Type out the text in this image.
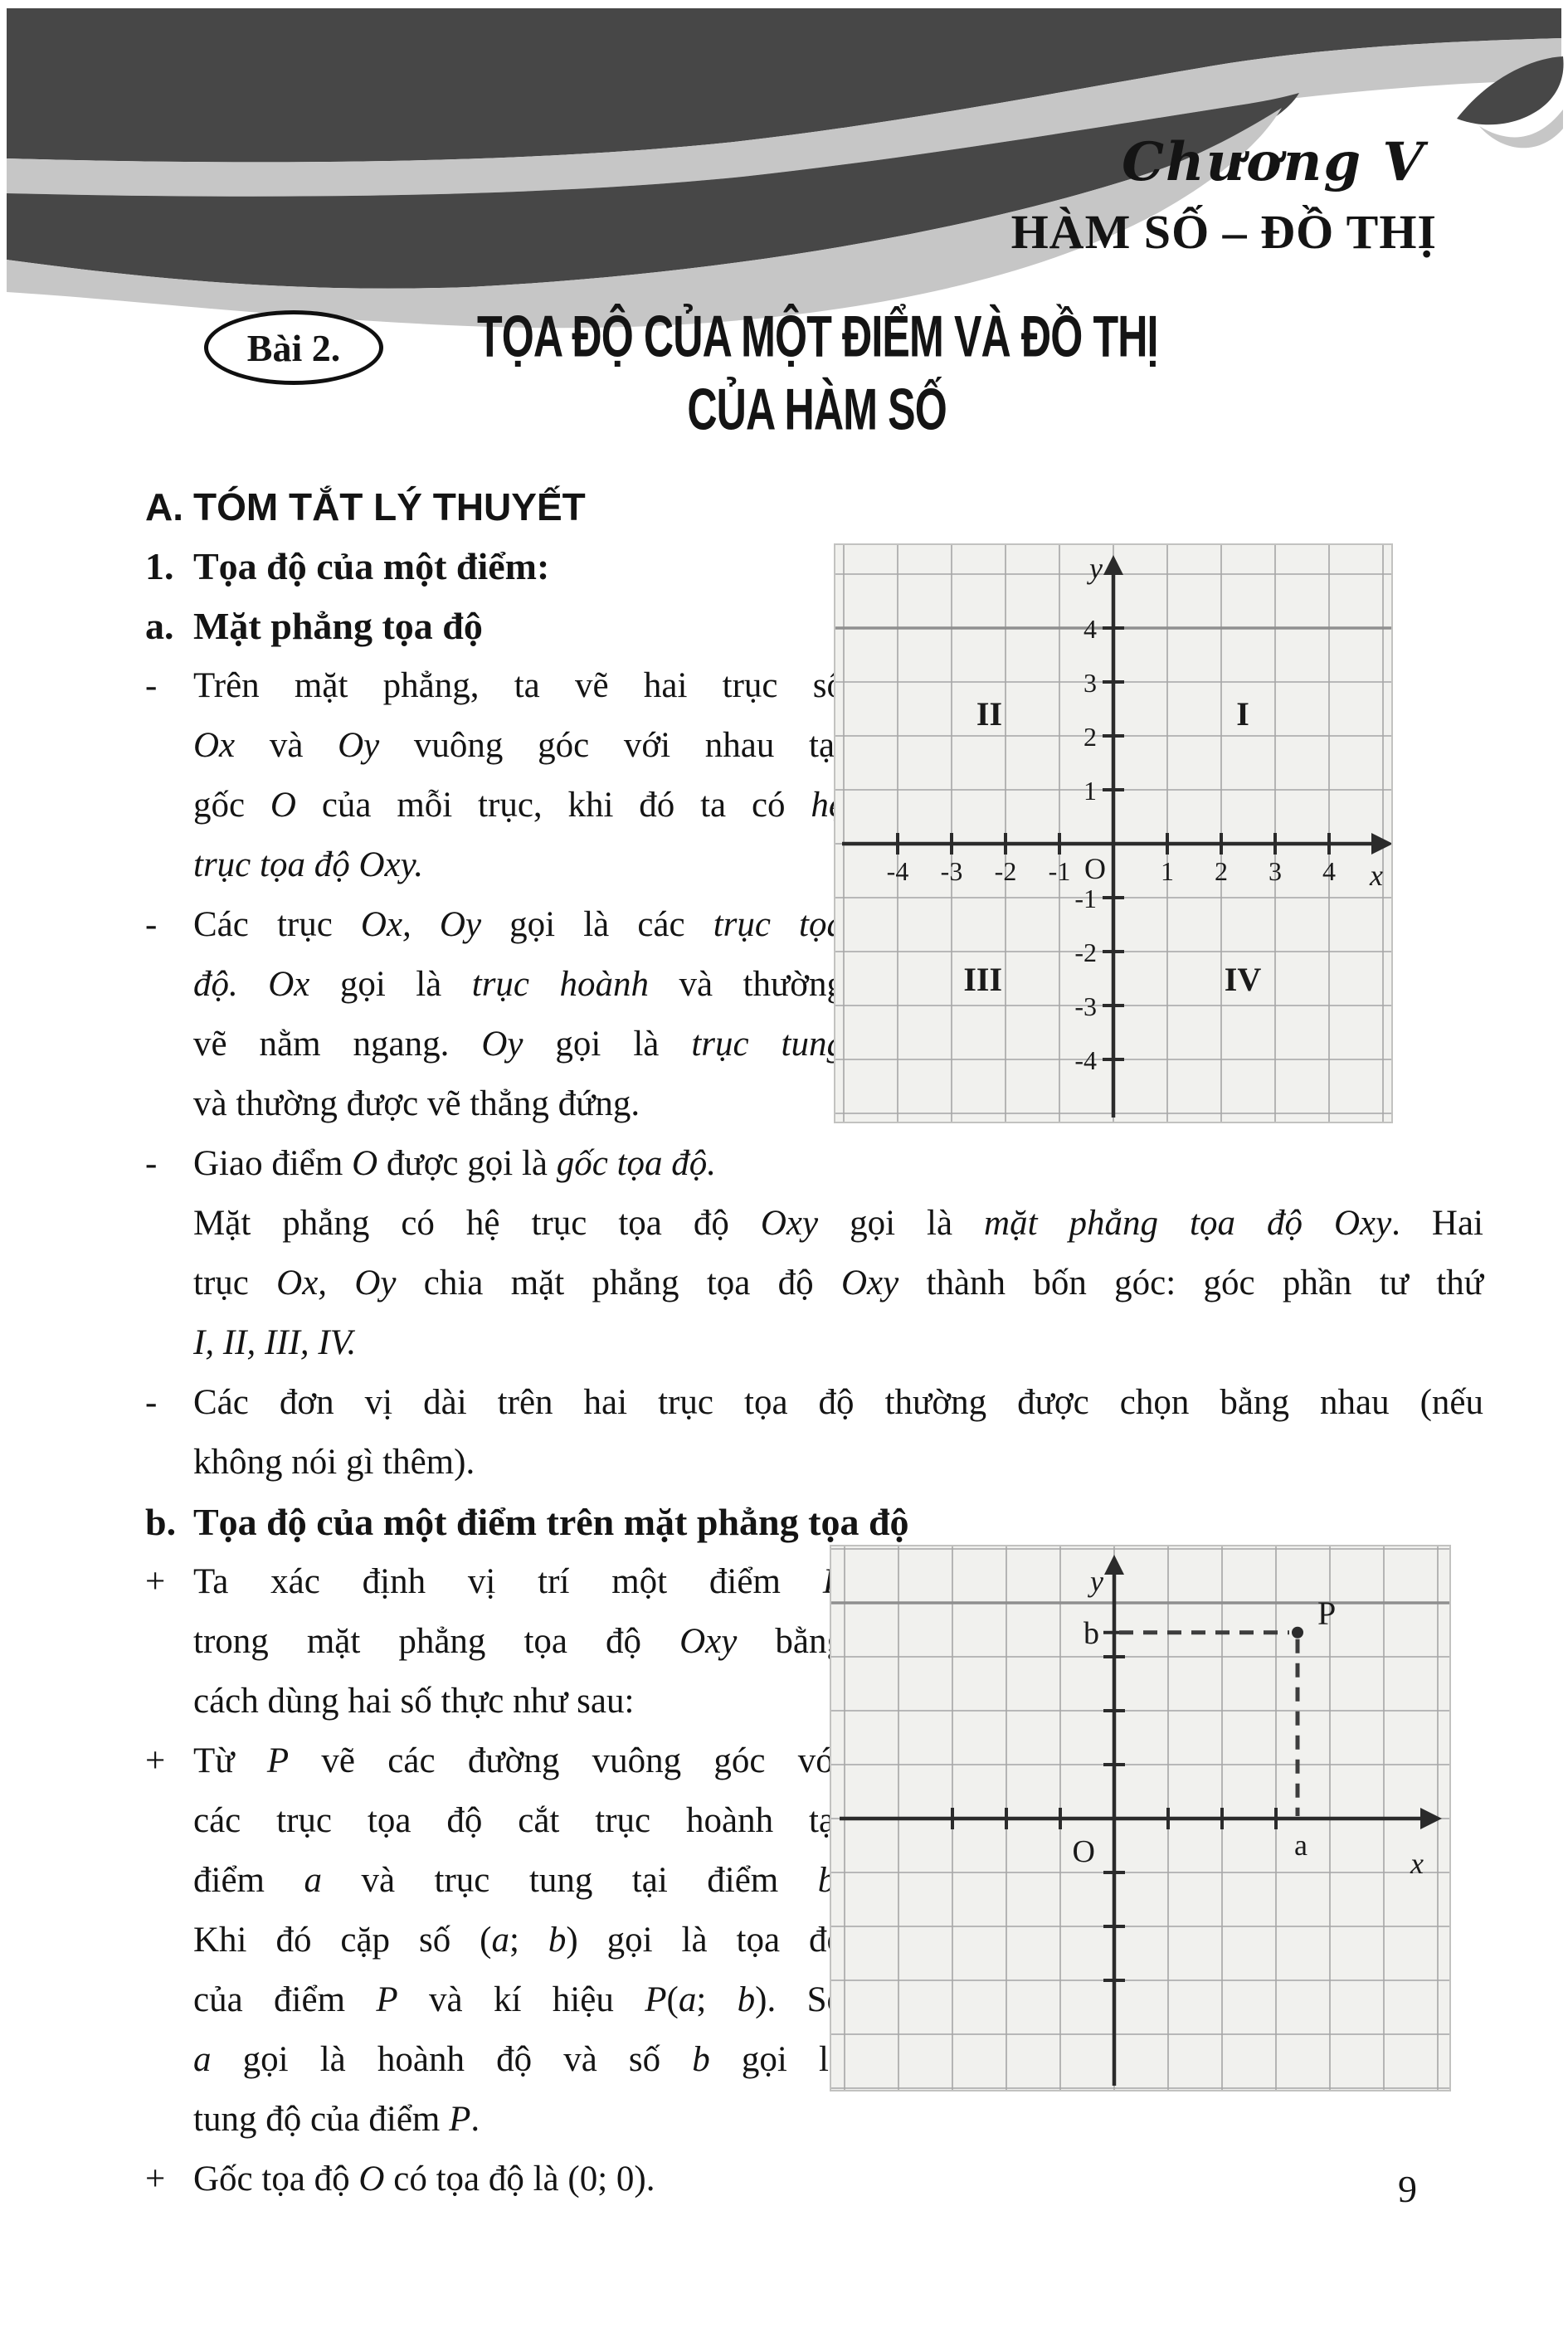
Chương V
HÀM SỐ – ĐỒ THỊ
Bài 2.	TỌA ĐỘ CỦA MỘT ĐIỂM VÀ ĐỒ THỊ
CỦA HÀM SỐ
A. TÓM TẮT LÝ THUYẾT
1. Tọa độ của một điểm:
a. Mặt phẳng tọa độ
- Trên mặt phẳng, ta vẽ hai trục số
Ox và Oy vuông góc với nhau tại
gốc O của mỗi trục, khi đó ta có hệ
trục tọa độ Oxy.
- Các trục Ox, Oy gọi là các trục tọa
độ. Ox gọi là trục hoành và thường
vẽ nằm ngang. Oy gọi là trục tung
và thường được vẽ thẳng đứng.
- Giao điểm O được gọi là gốc tọa độ.
Mặt phẳng có hệ trục tọa độ Oxy gọi là mặt phẳng tọa độ Oxy. Hai
trục Ox, Oy chia mặt phẳng tọa độ Oxy thành bốn góc: góc phần tư thứ
I, II, III, IV.
- Các đơn vị dài trên hai trục tọa độ thường được chọn bằng nhau (nếu
không nói gì thêm).
b. Tọa độ của một điểm trên mặt phẳng tọa độ
+ Ta xác định vị trí một điểm P
trong mặt phẳng tọa độ Oxy bằng
cách dùng hai số thực như sau:
+ Từ P vẽ các đường vuông góc với
các trục tọa độ cắt trục hoành tại
điểm a và trục tung tại điểm b.
Khi đó cặp số (a; b) gọi là tọa độ
của điểm P và kí hiệu P(a; b). Số
a gọi là hoành độ và số b gọi là
tung độ của điểm P.
+ Gốc tọa độ O có tọa độ là (0; 0).
-4 -3 -2 -1	1 2 3 4
-4
-3
-2
-1
1
2
3
4
I
II
III	IV
x
y
O
y
x
O
b
a
P
9
